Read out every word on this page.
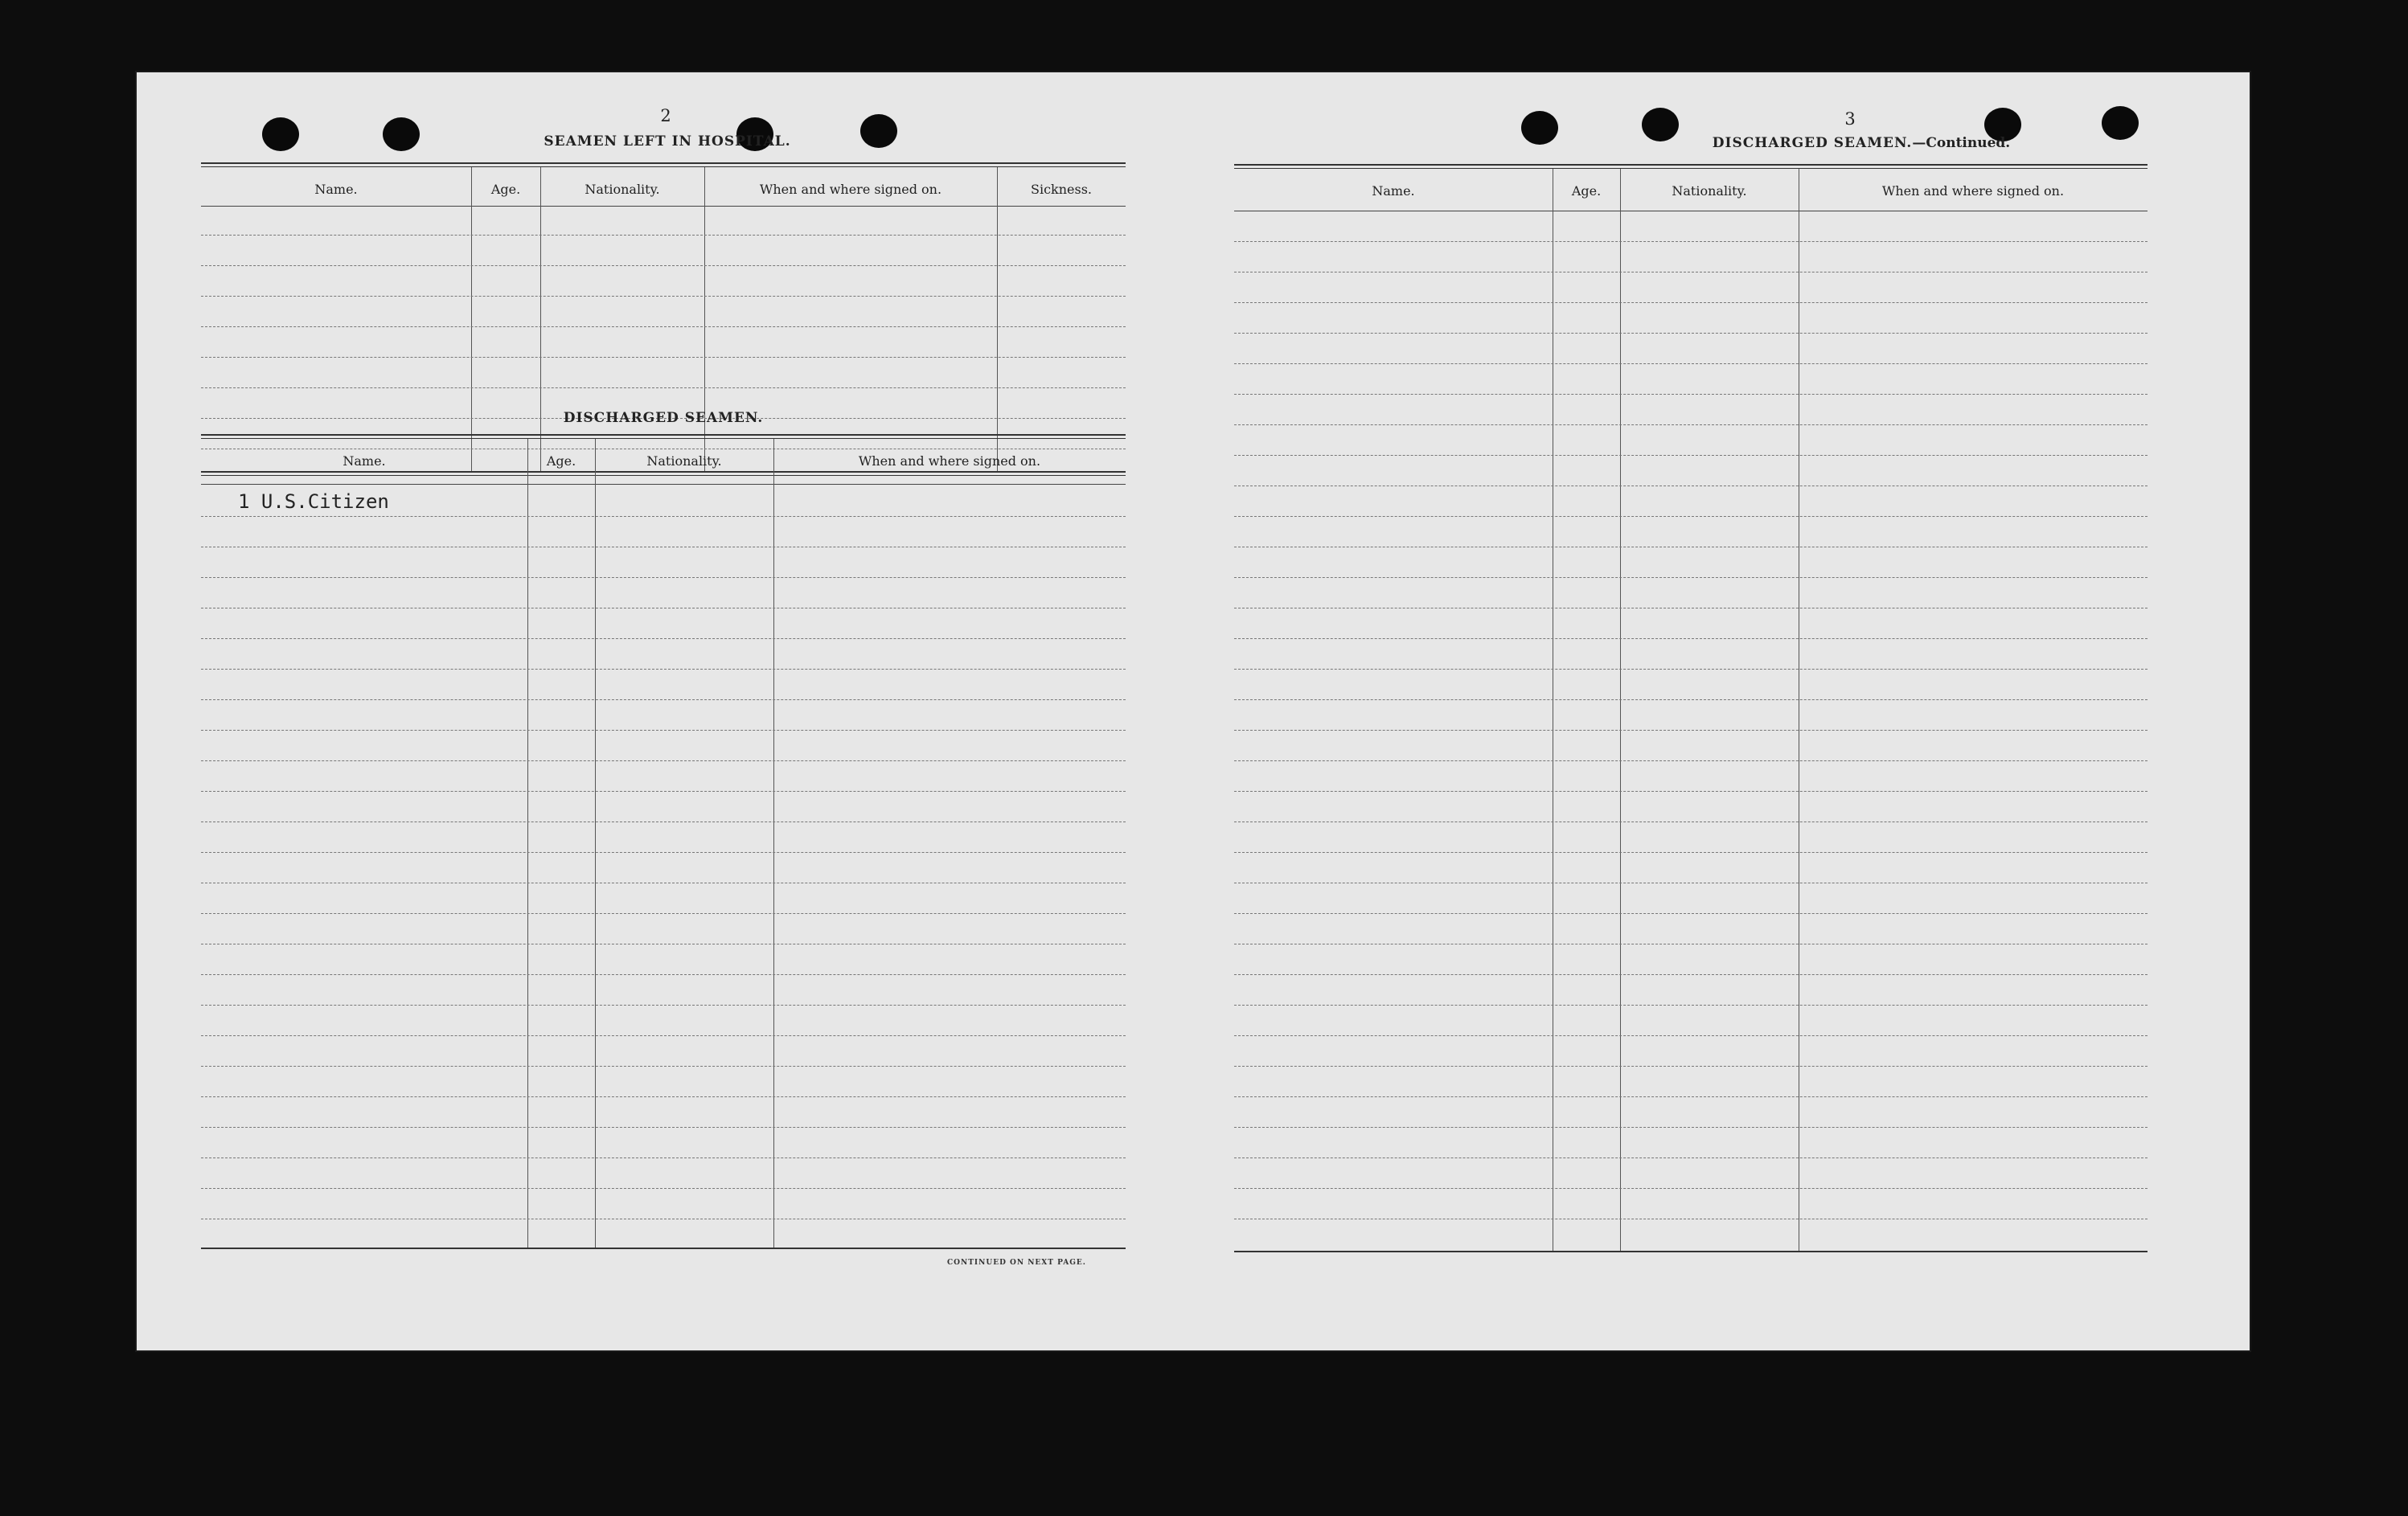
2
SEAMEN LEFT IN HOSPITAL.
Name.	Age.	Nationality.	When and where signed on.	Sickness.
DISCHARGED SEAMEN.
Name.	Age.	Nationality.	When and where signed on.
1 U.S.Citizen
CONTINUED ON NEXT PAGE.
3
DISCHARGED SEAMEN.—Continued.
Name.	Age.	Nationality.	When and where signed on.
